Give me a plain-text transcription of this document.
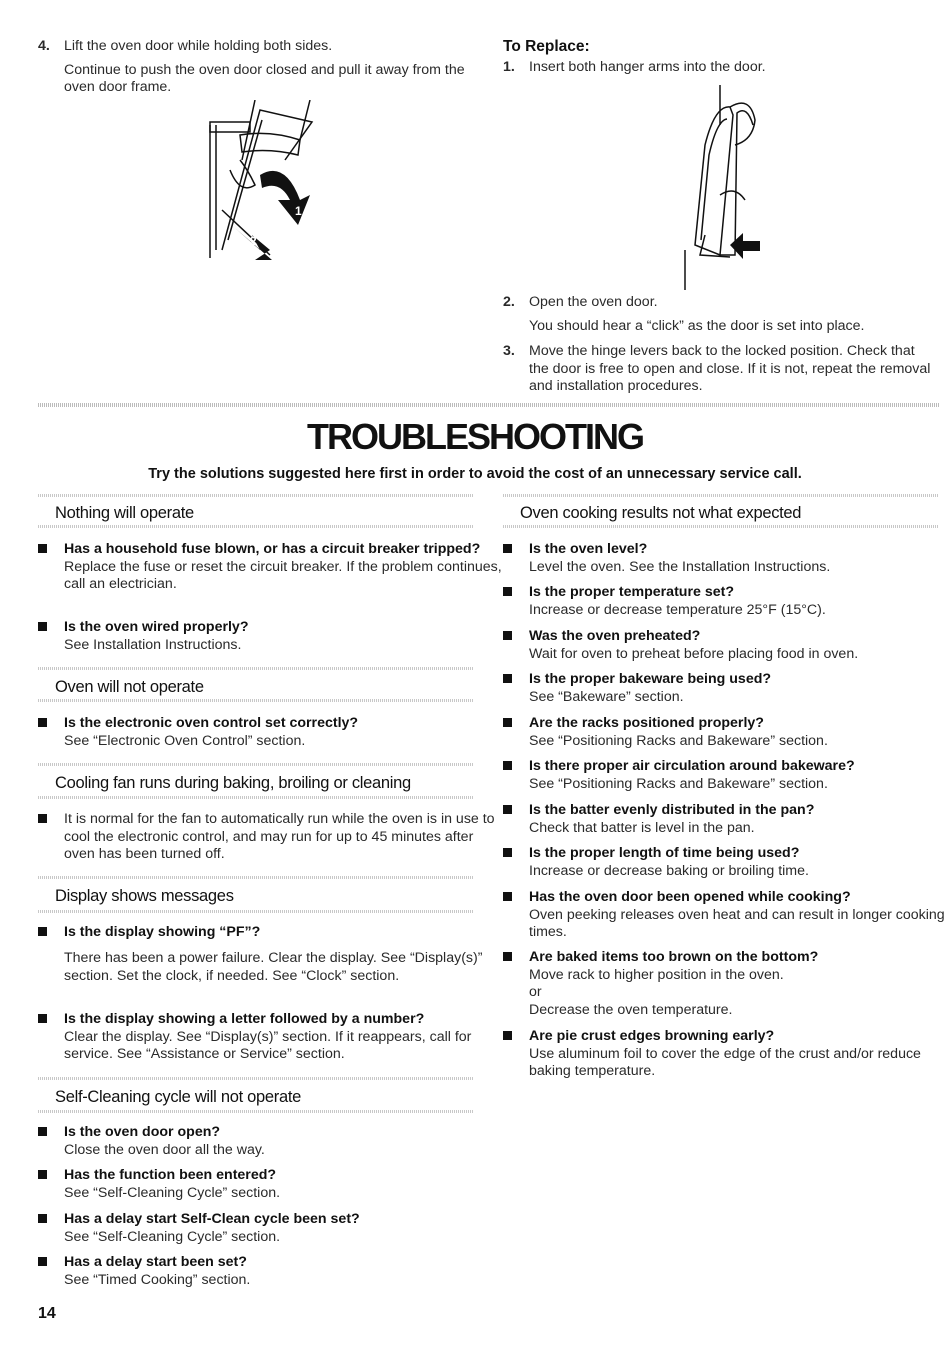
4. Lift the oven door while holding both sides.
Continue to push the oven door closed and pull it away from the oven door frame.
1
2
To Replace:
1. Insert both hanger arms into the door.
2. Open the oven door.
You should hear a “click” as the door is set into place.
3. Move the hinge levers back to the locked position. Check that the door is free to open and close. If it is not, repeat the removal and installation procedures.
TROUBLESHOOTING
Try the solutions suggested here first in order to avoid the cost of an unnecessary service call.
Nothing will operate
Has a household fuse blown, or has a circuit breaker tripped?
Replace the fuse or reset the circuit breaker. If the problem continues, call an electrician.
Is the oven wired properly?
See Installation Instructions.
Oven will not operate
Is the electronic oven control set correctly?
See “Electronic Oven Control” section.
Cooling fan runs during baking, broiling or cleaning
It is normal for the fan to automatically run while the oven is in use to cool the electronic control, and may run for up to 45 minutes after oven has been turned off.
Display shows messages
Is the display showing “PF”?
There has been a power failure. Clear the display. See “Display(s)” section. Set the clock, if needed. See “Clock” section.
Is the display showing a letter followed by a number?
Clear the display. See “Display(s)” section. If it reappears, call for service. See “Assistance or Service” section.
Self-Cleaning cycle will not operate
Is the oven door open?
Close the oven door all the way.
Has the function been entered?
See “Self-Cleaning Cycle” section.
Has a delay start Self-Clean cycle been set?
See “Self-Cleaning Cycle” section.
Has a delay start been set?
See “Timed Cooking” section.
Oven cooking results not what expected
Is the oven level?
Level the oven. See the Installation Instructions.
Is the proper temperature set?
Increase or decrease temperature 25°F (15°C).
Was the oven preheated?
Wait for oven to preheat before placing food in oven.
Is the proper bakeware being used?
See “Bakeware” section.
Are the racks positioned properly?
See “Positioning Racks and Bakeware” section.
Is there proper air circulation around bakeware?
See “Positioning Racks and Bakeware” section.
Is the batter evenly distributed in the pan?
Check that batter is level in the pan.
Is the proper length of time being used?
Increase or decrease baking or broiling time.
Has the oven door been opened while cooking?
Oven peeking releases oven heat and can result in longer cooking times.
Are baked items too brown on the bottom?
Move rack to higher position in the oven.
or
Decrease the oven temperature.
Are pie crust edges browning early?
Use aluminum foil to cover the edge of the crust and/or reduce baking temperature.
14
